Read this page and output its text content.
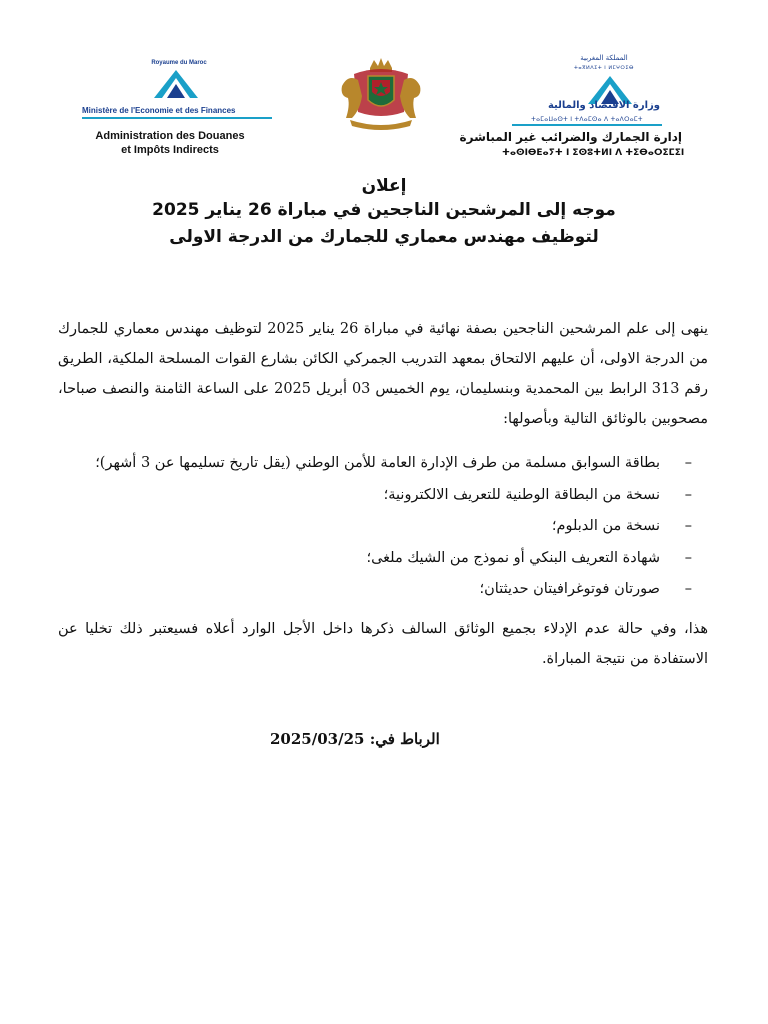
Royaume du Maroc
Ministère de l'Economie et des Finances
Administration des Douanes
et Impôts Indirects
المملكة المغربية
ⵜⴰⴳⵍⴷⵉⵜ ⵏ ⵍⵎⵖⵔⵉⴱ
وزارة الاقتصاد والمالية
ⵜⴰⵎⴰⵡⴰⵙⵜ ⵏ ⵜⴷⴰⵎⵙⴰ ⴷ ⵜⴰⴷⵔⴰⵎⵜ
إدارة الجمارك والضرائب غير المباشرة
ⵜⴰⵙⵏⴱⴹⴰⵢⵜ ⵏ ⵉⵙⵓⵜⵍⵏ ⴷ ⵜⵉⴱⴰⵔⵉⵎⵉⵏ
إعلان
موجه إلى المرشحين الناجحين في مباراة 26 يناير 2025
لتوظيف مهندس معماري للجمارك من الدرجة الاولى
ينهى إلى علم المرشحين الناجحين بصفة نهائية في مباراة 26 يناير 2025 لتوظيف مهندس معماري للجمارك من الدرجة الاولى، أن عليهم الالتحاق بمعهد التدريب الجمركي الكائن بشارع القوات المسلحة الملكية، الطريق رقم 313 الرابط بين المحمدية وبنسليمان، يوم الخميس 03 أبريل 2025 على الساعة الثامنة والنصف صباحا، مصحوبين بالوثائق التالية وبأصولها:
–
بطاقة السوابق مسلمة من طرف الإدارة العامة للأمن الوطني (يقل تاريخ تسليمها عن 3 أشهر)؛
–
نسخة من البطاقة الوطنية للتعريف الالكترونية؛
–
نسخة من الدبلوم؛
–
شهادة التعريف البنكي أو نموذج من الشيك ملغى؛
–
صورتان فوتوغرافيتان حديثتان؛
هذا، وفي حالة عدم الإدلاء بجميع الوثائق السالف ذكرها داخل الأجل الوارد أعلاه فسيعتبر ذلك تخليا عن الاستفادة من نتيجة المباراة.
الرباط في: 2025/03/25
